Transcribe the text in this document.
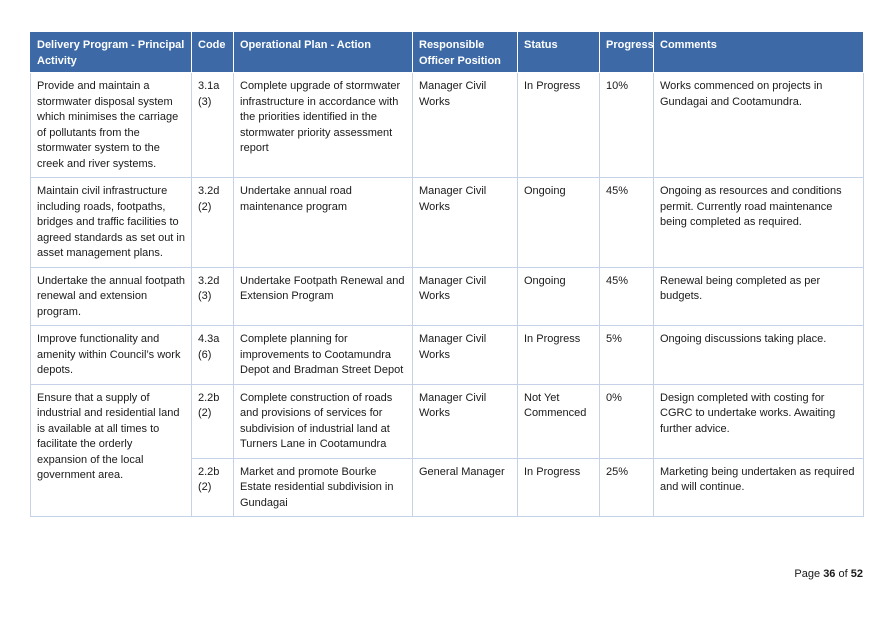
Delivery Program - Principal Activity	Code	Operational Plan - Action	Responsible Officer Position	Status	Progress	Comments
Provide and maintain a stormwater disposal system which minimises the carriage of pollutants from the stormwater system to the creek and river systems.	3.1a (3)	Complete upgrade of stormwater infrastructure in accordance with the priorities identified in the stormwater priority assessment report	Manager Civil Works	In Progress	10%	Works commenced on projects in Gundagai and Cootamundra.
Maintain civil infrastructure including roads, footpaths, bridges and traffic facilities to agreed standards as set out in asset management plans.	3.2d (2)	Undertake annual road maintenance program	Manager Civil Works	Ongoing	45%	Ongoing as resources and conditions permit. Currently road maintenance being completed as required.
Undertake the annual footpath renewal and extension program.	3.2d (3)	Undertake Footpath Renewal and Extension Program	Manager Civil Works	Ongoing	45%	Renewal being completed as per budgets.
Improve functionality and amenity within Council’s work depots.	4.3a (6)	Complete planning for improvements to Cootamundra Depot and Bradman Street Depot	Manager Civil Works	In Progress	5%	Ongoing discussions taking place.
Ensure that a supply of industrial and residential land is available at all times to facilitate the orderly expansion of the local government area.	2.2b (2)	Complete construction of roads and provisions of services for subdivision of industrial land at Turners Lane in Cootamundra	Manager Civil Works	Not Yet Commenced	0%	Design completed with costing for CGRC to undertake works. Awaiting further advice.
	2.2b (2)	Market and promote Bourke Estate residential subdivision in Gundagai	General Manager	In Progress	25%	Marketing being undertaken as required and will continue.
Page 36 of 52
